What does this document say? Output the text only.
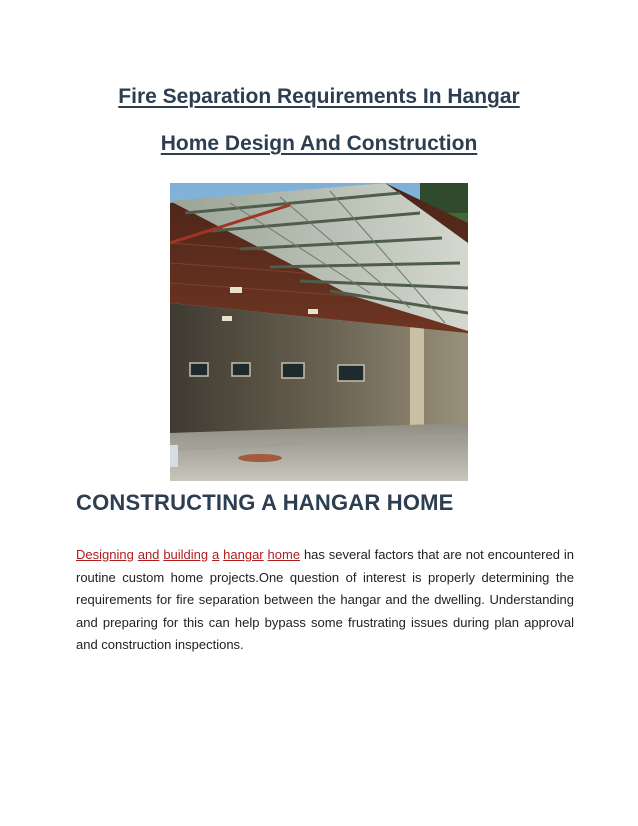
Fire Separation Requirements In Hangar
Home Design And Construction
CONSTRUCTING A HANGAR HOME

Designing and building a hangar home has several factors that are not encountered in routine custom home projects.One question of interest is properly determining the requirements for fire separation between the hangar and the dwelling. Understanding and preparing for this can help bypass some frustrating issues during plan approval and construction inspections.
